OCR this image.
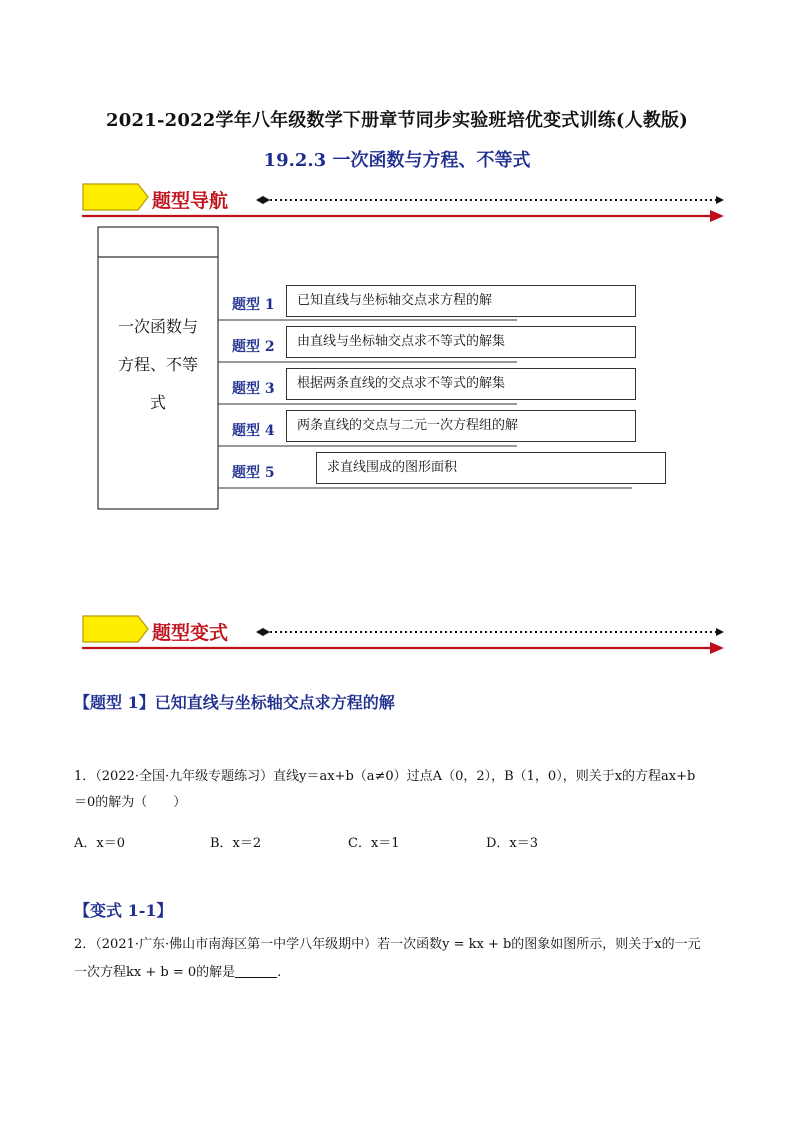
2021-2022学年八年级数学下册章节同步实验班培优变式训练(人教版)
19.2.3 一次函数与方程、不等式
题型导航
一次函数与
方程、不等
式
题型 1	已知直线与坐标轴交点求方程的解
题型 2	由直线与坐标轴交点求不等式的解集
题型 3	根据两条直线的交点求不等式的解集
题型 4	两条直线的交点与二元一次方程组的解
题型 5	求直线围成的图形面积
题型变式
【题型 1】已知直线与坐标轴交点求方程的解
1．（2022·全国·九年级专题练习）直线y＝ax+b（a≠0）过点A（0，2），B（1，0），则关于x的方程ax+b
＝0的解为（　　）
A．x＝0	B．x＝2	C．x＝1	D．x＝3
【变式 1-1】
2．（2021·广东·佛山市南海区第一中学八年级期中）若一次函数y = kx + b的图象如图所示，则关于x的一元
一次方程kx + b = 0的解是	.
